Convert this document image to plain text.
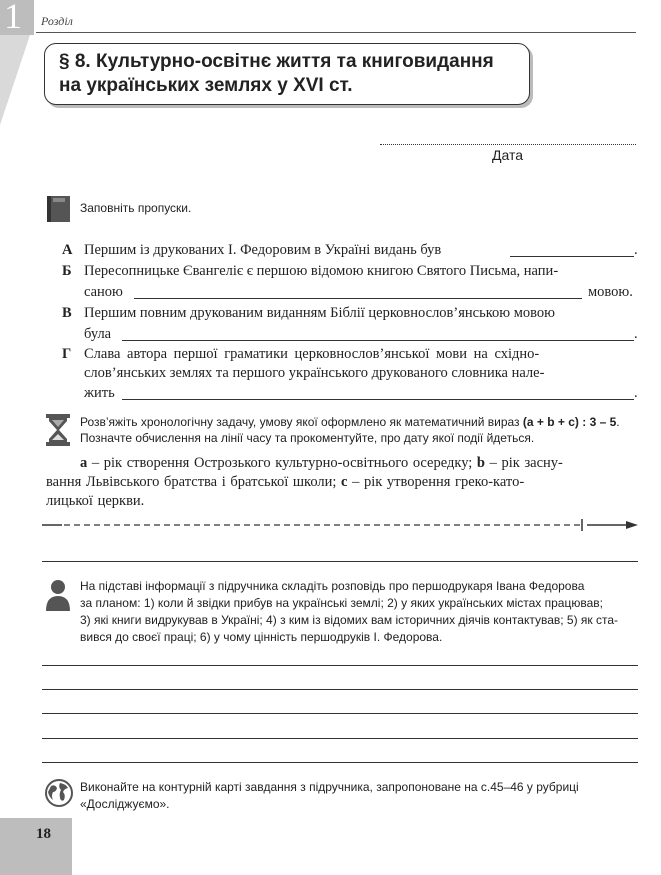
1 Розділ
§ 8. Культурно-освітнє життя та книговидання
на українських землях у XVI ст.
Дата
Заповніть пропуски.
А Першим із друкованих І. Федоровим в Україні видань був	.
Б Пересопницьке Євангеліє є першою відомою книгою Святого Письма, напи-
саною	мовою.
В Першим повним друкованим виданням Біблії церковнослов’янською мовою
була	.
Г Слава автора першої граматики церковнослов’янської мови на східно-
слов’янських землях та першого українського друкованого словника нале-
жить	.
Розв’яжіть хронологічну задачу, умову якої оформлено як математичний вираз (а + b + с) : 3 – 5.
Позначте обчислення на лінії часу та прокоментуйте, про дату якої події йдеться.
а – рік створення Острозького культурно-освітнього осередку; b – рік засну-
вання Львівського братства і братської школи; с – рік утворення греко-като-
лицької церкви.
На підставі інформації з підручника складіть розповідь про першодрукаря Івана Федорова
за планом: 1) коли й звідки прибув на українські землі; 2) у яких українських містах працював;
3) які книги видрукував в Україні; 4) з ким із відомих вам історичних діячів контактував; 5) як ста-
вився до своєї праці; 6) у чому цінність першодруків І. Федорова.
Виконайте на контурній карті завдання з підручника, запропоноване на с.45–46 у рубриці
«Досліджуємо».
18
